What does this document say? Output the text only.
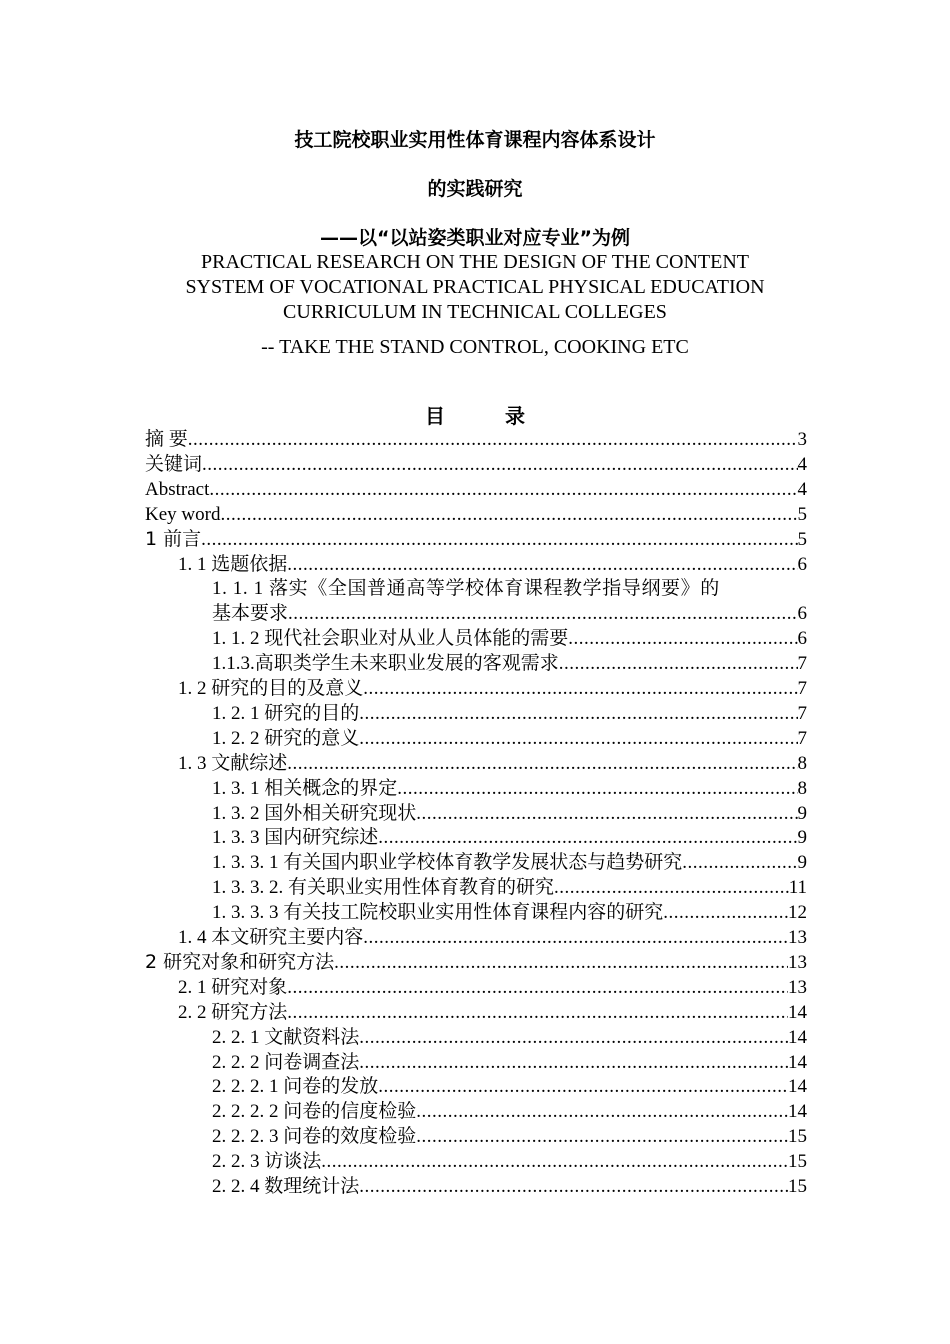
技工院校职业实用性体育课程内容体系设计
的实践研究
——以“以站姿类职业对应专业”为例
PRACTICAL RESEARCH ON THE DESIGN OF THE CONTENT
SYSTEM OF VOCATIONAL PRACTICAL PHYSICAL EDUCATION
CURRICULUM IN TECHNICAL COLLEGES
-- TAKE THE STAND CONTROL, COOKING ETC
目	录
摘 要 .....	3
关键词 .....	4
Abstract .....	4
Key word .....	5
1 前言 .....	5
1. 1 选题依据 .....	6
1. 1. 1 落实《全国普通高等学校体育课程教学指导纲要》的
基本要求 .....	6
1. 1. 2 现代社会职业对从业人员体能的需要 .....	6
1.1.3.高职类学生未来职业发展的客观需求 .....	7
1. 2 研究的目的及意义 .....	7
1. 2. 1 研究的目的 .....	7
1. 2. 2 研究的意义 .....	7
1. 3 文献综述 .....	8
1. 3. 1 相关概念的界定 .....	8
1. 3. 2 国外相关研究现状 .....	9
1. 3. 3 国内研究综述 .....	9
1. 3. 3. 1 有关国内职业学校体育教学发展状态与趋势研究 .....	9
1. 3. 3. 2. 有关职业实用性体育教育的研究 .....	11
1. 3. 3. 3 有关技工院校职业实用性体育课程内容的研究 .....	12
1. 4 本文研究主要内容 .....	13
2 研究对象和研究方法 .....	13
2. 1 研究对象 .....	13
2. 2 研究方法 .....	14
2. 2. 1 文献资料法 .....	14
2. 2. 2 问卷调查法 .....	14
2. 2. 2. 1 问卷的发放 .....	14
2. 2. 2. 2 问卷的信度检验 .....	14
2. 2. 2. 3 问卷的效度检验 .....	15
2. 2. 3 访谈法 .....	15
2. 2. 4 数理统计法 .....	15
